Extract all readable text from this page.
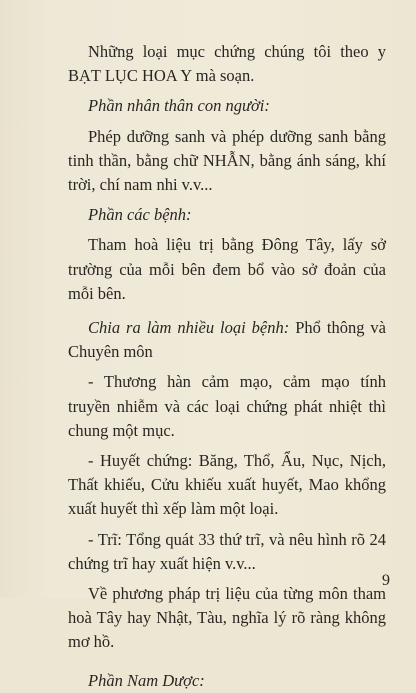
Những loại mục chứng chúng tôi theo y BẠT LỤC HOA Y mà soạn.

Phần nhân thân con người:

Phép dưỡng sanh và phép dưỡng sanh bằng tinh thần, bằng chữ NHẪN, bằng ánh sáng, khí trời, chí nam nhi v.v...

Phần các bệnh:

Tham hoà liệu trị bằng Đông Tây, lấy sở trường của mỗi bên đem bổ vào sở đoản của mỗi bên.

Chia ra làm nhiều loại bệnh: Phổ thông và Chuyên môn

- Thương hàn cảm mạo, cảm mạo tính truyền nhiễm và các loại chứng phát nhiệt thì chung một mục.

- Huyết chứng: Băng, Thổ, Ẩu, Nục, Nịch, Thất khiếu, Cửu khiếu xuất huyết, Mao khổng xuất huyết thì xếp làm một loại.

- Trĩ: Tổng quát 33 thứ trĩ, và nêu hình rõ 24 chứng trĩ hay xuất hiện v.v...

Về phương pháp trị liệu của từng môn tham hoà Tây hay Nhật, Tàu, nghĩa lý rõ ràng không mơ hồ.

Phần Nam Dược:

9
